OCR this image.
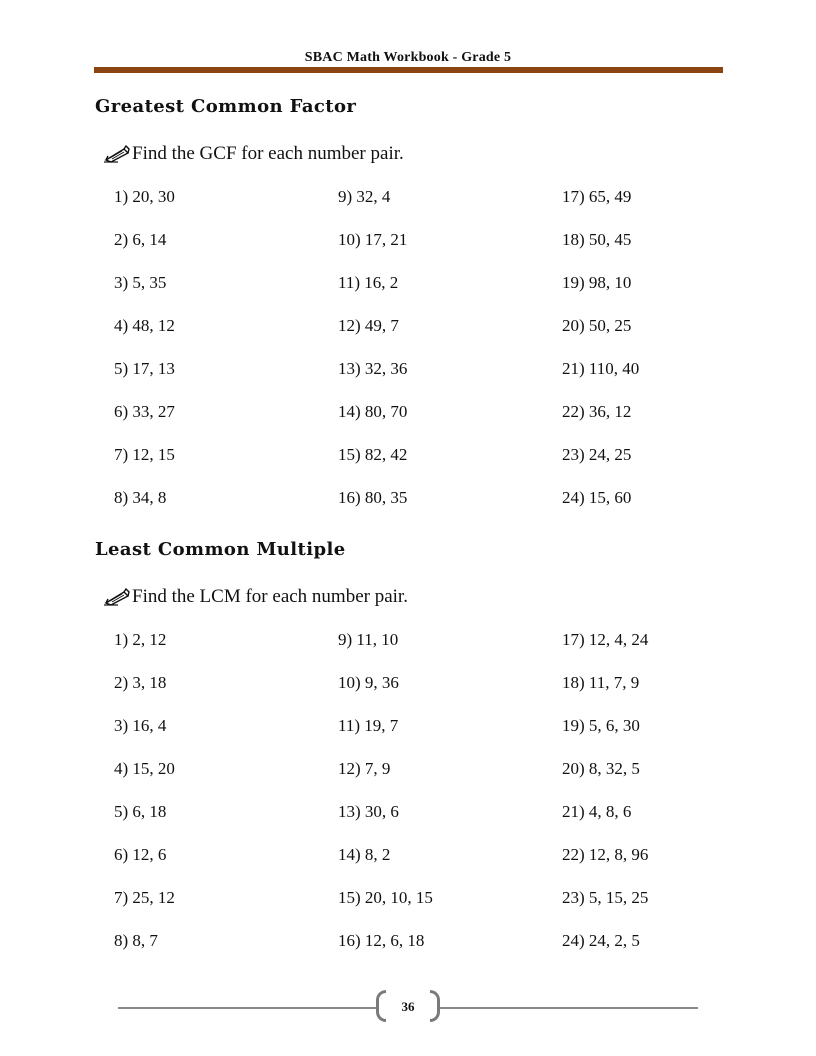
SBAC Math Workbook - Grade 5
Greatest Common Factor
Find the GCF for each number pair.
1) 20, 30
2) 6, 14
3) 5, 35
4) 48, 12
5) 17, 13
6) 33, 27
7) 12, 15
8) 34, 8
9) 32, 4
10) 17, 21
11) 16, 2
12) 49, 7
13) 32, 36
14) 80, 70
15) 82, 42
16) 80, 35
17) 65, 49
18) 50, 45
19) 98, 10
20) 50, 25
21) 110, 40
22) 36, 12
23) 24, 25
24) 15, 60
Least Common Multiple
Find the LCM for each number pair.
1) 2, 12
2) 3, 18
3) 16, 4
4) 15, 20
5) 6, 18
6) 12, 6
7) 25, 12
8) 8, 7
9) 11, 10
10) 9, 36
11) 19, 7
12) 7, 9
13) 30, 6
14) 8, 2
15) 20, 10, 15
16) 12, 6, 18
17) 12, 4, 24
18) 11, 7, 9
19) 5, 6, 30
20) 8, 32, 5
21) 4, 8, 6
22) 12, 8, 96
23) 5, 15, 25
24) 24, 2, 5
36
